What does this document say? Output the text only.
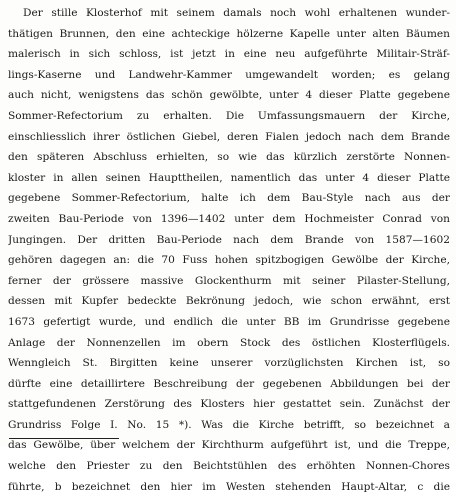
Der stille Klosterhof mit seinem damals noch wohl erhaltenen wunder-
thätigen Brunnen, den eine achteckige hölzerne Kapelle unter alten Bäumen
malerisch in sich schloss, ist jetzt in eine neu aufgeführte Militair-Sträf-
lings-Kaserne und Landwehr-Kammer umgewandelt worden; es gelang
auch nicht, wenigstens das schön gewölbte, unter 4 dieser Platte gegebene
Sommer-Refectorium zu erhalten. Die Umfassungsmauern der Kirche,
einschliesslich ihrer östlichen Giebel, deren Fialen jedoch nach dem Brande
den späteren Abschluss erhielten, so wie das kürzlich zerstörte Nonnen-
kloster in allen seinen Haupttheilen, namentlich das unter 4 dieser Platte
gegebene Sommer-Refectorium, halte ich dem Bau-Style nach aus der
zweiten Bau-Periode von 1396—1402 unter dem Hochmeister Conrad von
Jungingen. Der dritten Bau-Periode nach dem Brande von 1587—1602
gehören dagegen an: die 70 Fuss hohen spitzbogigen Gewölbe der Kirche,
ferner der grössere massive Glockenthurm mit seiner Pilaster-Stellung,
dessen mit Kupfer bedeckte Bekrönung jedoch, wie schon erwähnt, erst
1673 gefertigt wurde, und endlich die unter BB im Grundrisse gegebene
Anlage der Nonnenzellen im obern Stock des östlichen Klosterflügels.
Wenngleich St. Birgitten keine unserer vorzüglichsten Kirchen ist, so
dürfte eine detaillirtere Beschreibung der gegebenen Abbildungen bei der
stattgefundenen Zerstörung des Klosters hier gestattet sein. Zunächst der
Grundriss Folge I. No. 15 *). Was die Kirche betrifft, so bezeichnet a
das Gewölbe, über welchem der Kirchthurm aufgeführt ist, und die Treppe,
welche den Priester zu den Beichtstühlen des erhöhten Nonnen-Chores
führte, b bezeichnet den hier im Westen stehenden Haupt-Altar, c die
